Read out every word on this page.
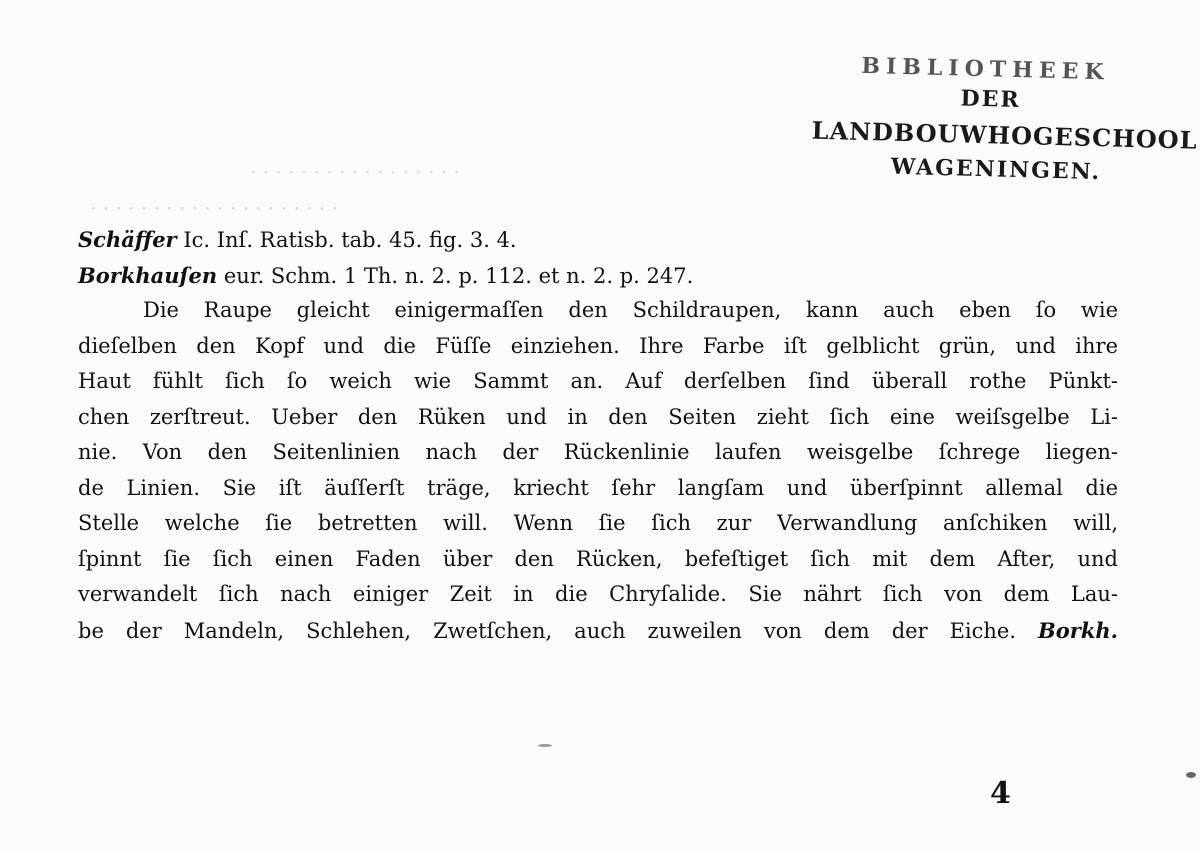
· · · · · · · · · · · · · · · · ·
· · · · · · · · · · · · · · · · · · · ·
BIBLIOTHEEK
DER
LANDBOUWHOGESCHOOL
WAGENINGEN.
Schäffer Ic. Inſ. Ratisb. tab. 45. fig. 3. 4.
Borkhauſen eur. Schm. 1 Th. n. 2. p. 112. et n. 2. p. 247.
Die Raupe gleicht einigermaſſen den Schildraupen, kann auch eben ſo wie
dieſelben den Kopf und die Füſſe einziehen. Ihre Farbe iſt gelblicht grün, und ihre
Haut fühlt ſich ſo weich wie Sammt an. Auf derſelben ſind überall rothe Pünkt-
chen zerſtreut. Ueber den Rüken und in den Seiten zieht ſich eine weiſsgelbe Li-
nie. Von den Seitenlinien nach der Rückenlinie laufen weisgelbe ſchrege liegen-
de Linien. Sie iſt äuſſerſt träge, kriecht ſehr langſam und überſpinnt allemal die
Stelle welche ſie betretten will. Wenn ſie ſich zur Verwandlung anſchiken will,
ſpinnt ſie ſich einen Faden über den Rücken, befeſtiget ſich mit dem After, und
verwandelt ſich nach einiger Zeit in die Chryſalide. Sie nährt ſich von dem Lau-
be der Mandeln, Schlehen, Zwetſchen, auch zuweilen von dem der Eiche. Borkh.
4
